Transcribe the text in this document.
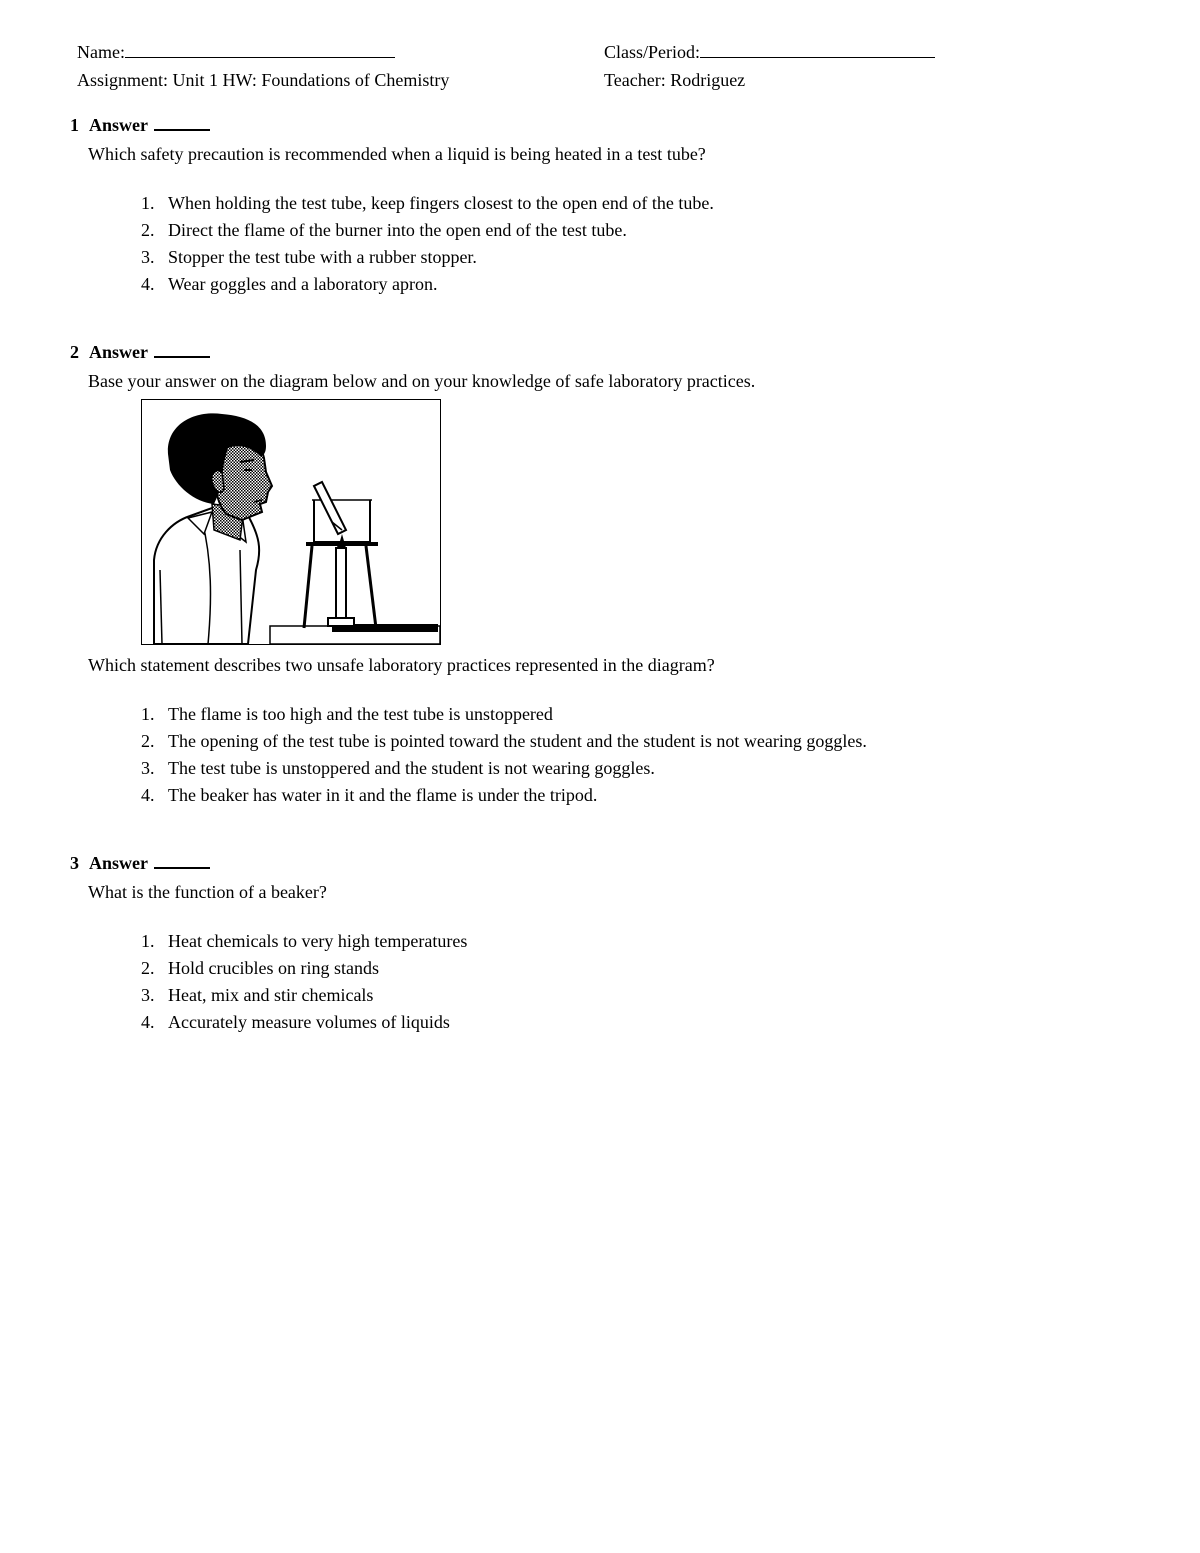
Name:	Class/Period:
Assignment: Unit 1 HW: Foundations of Chemistry	Teacher: Rodriguez
1 Answer
Which safety precaution is recommended when a liquid is being heated in a test tube?
1. When holding the test tube, keep fingers closest to the open end of the tube.
2. Direct the flame of the burner into the open end of the test tube.
3. Stopper the test tube with a rubber stopper.
4. Wear goggles and a laboratory apron.
2 Answer
Base your answer on the diagram below and on your knowledge of safe laboratory practices.
Which statement describes two unsafe laboratory practices represented in the diagram?
1. The flame is too high and the test tube is unstoppered
2. The opening of the test tube is pointed toward the student and the student is not wearing goggles.
3. The test tube is unstoppered and the student is not wearing goggles.
4. The beaker has water in it and the flame is under the tripod.
3 Answer
What is the function of a beaker?
1. Heat chemicals to very high temperatures
2. Hold crucibles on ring stands
3. Heat, mix and stir chemicals
4. Accurately measure volumes of liquids
